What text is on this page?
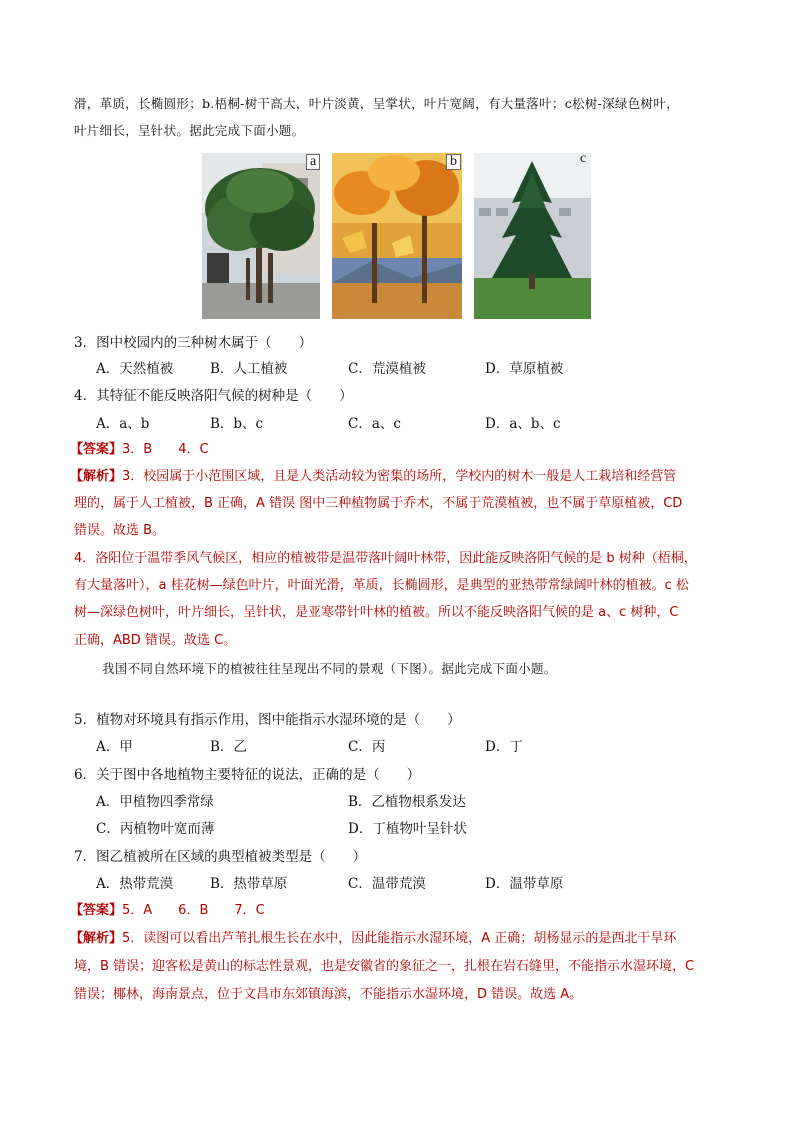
滑，革质，长椭圆形；b.梧桐-树干高大，叶片淡黄，呈掌状，叶片宽阔，有大量落叶；c松树-深绿色树叶，
叶片细长，呈针状。据此完成下面小题。
a	b	c
3．图中校园内的三种树木属于（　　）
A．天然植被	B．人工植被	C．荒漠植被	D．草原植被
4．其特征不能反映洛阳气候的树种是（　　）
A．a、b	B．b、c	C．a、c	D．a、b、c
【答案】3．B　　4．C
【解析】3．校园属于小范围区域，且是人类活动较为密集的场所，学校内的树木一般是人工栽培和经营管
理的，属于人工植被，B 正确，A 错误 图中三种植物属于乔木，不属于荒漠植被，也不属于草原植被，CD
错误。故选 B。
4．洛阳位于温带季风气候区，相应的植被带是温带落叶阔叶林带，因此能反映洛阳气候的是 b 树种（梧桐，
有大量落叶），a 桂花树—绿色叶片，叶面光滑，革质，长椭圆形，是典型的亚热带常绿阔叶林的植被。c 松
树—深绿色树叶，叶片细长，呈针状，是亚寒带针叶林的植被。所以不能反映洛阳气候的是 a、c 树种，C
正确，ABD 错误。故选 C。
我国不同自然环境下的植被往往呈现出不同的景观（下图）。据此完成下面小题。
5．植物对环境具有指示作用，图中能指示水湿环境的是（　　）
A．甲	B．乙	C．丙	D．丁
6．关于图中各地植物主要特征的说法，正确的是（　　）
A．甲植物四季常绿	B．乙植物根系发达
C．丙植物叶宽而薄	D．丁植物叶呈针状
7．图乙植被所在区域的典型植被类型是（　　）
A．热带荒漠	B．热带草原	C．温带荒漠	D．温带草原
【答案】5．A　　6．B　　7．C
【解析】5．读图可以看出芦苇扎根生长在水中，因此能指示水湿环境，A 正确；胡杨显示的是西北干旱环
境，B 错误；迎客松是黄山的标志性景观，也是安徽省的象征之一，扎根在岩石缝里，不能指示水湿环境，C
错误；椰林，海南景点，位于文昌市东郊镇海滨，不能指示水湿环境，D 错误。故选 A。
